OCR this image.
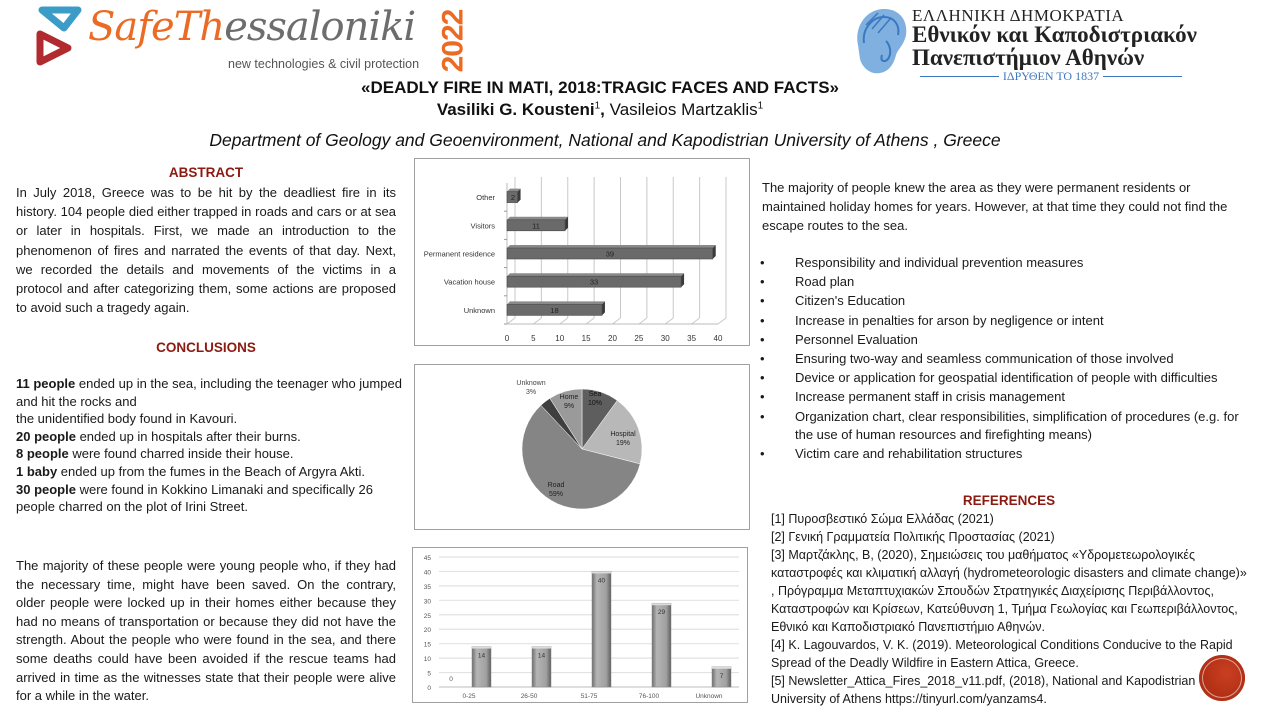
SafeThessaloniki
new technologies & civil protection 2022	ΕΛΛΗΝΙΚΗ ΔΗΜΟΚΡΑΤΙΑ
Εθνικόν και Καποδιστριακόν
Πανεπιστήμιον Αθηνών
ΙΔΡΥΘΕΝ ΤΟ 1837
«DEADLY FIRE IN MATI, 2018:TRAGIC FACES AND FACTS»
Vasiliki G. Kousteni$^1$, Vasileios Martzaklis$^1$
Department of Geology and Geoenvironment, National and Kapodistrian University of Athens , Greece
ABSTRACT
In July 2018, Greece was to be hit by the deadliest fire in its history. 104 people died either trapped in roads and cars or at sea or later in hospitals. First, we made an introduction to the phenomenon of fires and narrated the events of that day. Next, we recorded the details and movements of the victims in a protocol and after categorizing them, some actions are proposed to avoid such a tragedy again.
CONCLUSIONS
11 people ended up in the sea, including the teenager who jumped and hit the rocks and
the unidentified body found in Kavouri.
20 people ended up in hospitals after their burns.
8 people were found charred inside their house.
1 baby ended up from the fumes in the Beach of Argyra Akti.
30 people were found in Kokkino Limanaki and specifically 26 people charred on the plot of Irini Street.
The majority of these people were young people who, if they had the necessary time, might have been saved. On the contrary, older people were locked up in their homes either because they had no means of transportation or because they did not have the strength. About the people who were found in the sea, and there some deaths could have been avoided if the rescue teams had arrived in time as the witnesses state that their people were alive for a while in the water.
0	5 10 15 20 25 30 35 40
Unknown	18
Vacation house	33
Permanent residence	39
Visitors	11
Other 2
Sea
10%
Hospital
19%
Road
59%
Unknown
3%
Home
9%
0
5
10
15
20
25
30
35
40
45
14
0-25
14
26-50
40
51-75
29
76-100
7
Unknown
0
The majority of people knew the area as they were permanent residents or maintained holiday homes for years. However, at that time they could not find the escape routes to the sea.
• Responsibility and individual prevention measures
• Road plan
• Citizen's Education
• Increase in penalties for arson by negligence or intent
• Personnel Evaluation
• Ensuring two-way and seamless communication of those involved
• Device or application for geospatial identification of people with difficulties
• Increase permanent staff in crisis management
• Organization chart, clear responsibilities, simplification of procedures (e.g. for the use of human resources and firefighting means)
• Victim care and rehabilitation structures
REFERENCES
[1] Πυροσβεστικό Σώμα Ελλάδας (2021)
[2] Γενική Γραμματεία Πολιτικής Προστασίας (2021)
[3] Μαρτζάκλης, Β, (2020), Σημειώσεις του μαθήματος «Υδρομετεωρολογικές καταστροφές και κλιματική αλλαγή (hydrometeorologic disasters and climate change)» , Πρόγραμμα Μεταπτυχιακών Σπουδών Στρατηγικές Διαχείρισης Περιβάλλοντος, Καταστροφών και Κρίσεων, Κατεύθυνση 1, Τμήμα Γεωλογίας και Γεωπεριβάλλοντος, Εθνικό και Καποδιστριακό Πανεπιστήμιο Αθηνών.
[4] K. Lagouvardos, V. K. (2019). Meteorological Conditions Conducive to the Rapid Spread of the Deadly Wildfire in Eastern Attica, Greece.
[5] Newsletter_Attica_Fires_2018_v11.pdf, (2018), National and Kapodistrian University of Athens https://tinyurl.com/yanzams4.
